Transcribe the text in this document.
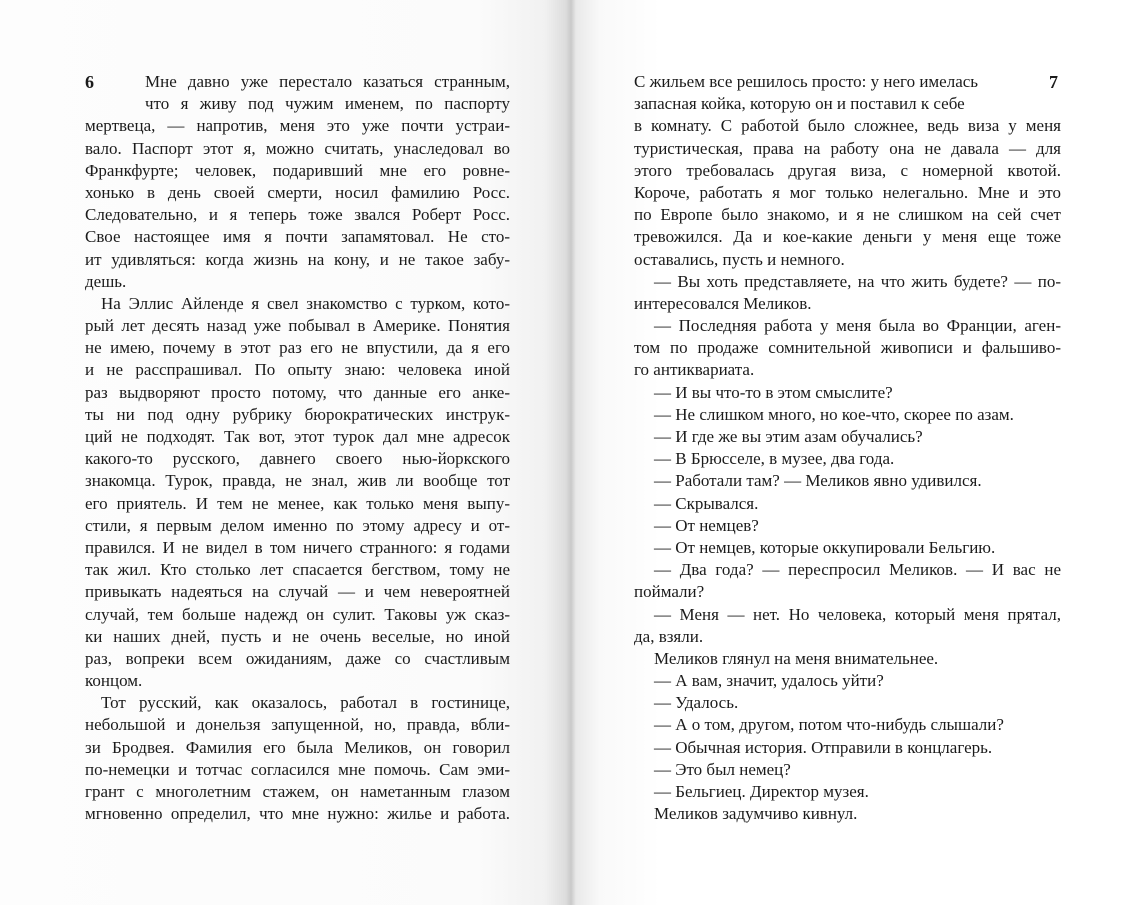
6	7
Мне давно уже перестало казаться странным,
что я живу под чужим именем, по паспорту
мертвеца, — напротив, меня это уже почти устраи-
вало. Паспорт этот я, можно считать, унаследовал во
Франкфурте; человек, подаривший мне его ровне-
хонько в день своей смерти, носил фамилию Росс.
Следовательно, и я теперь тоже звался Роберт Росс.
Свое настоящее имя я почти запамятовал. Не сто-
ит удивляться: когда жизнь на кону, и не такое забу-
дешь.
На Эллис Айленде я свел знакомство с турком, кото-
рый лет десять назад уже побывал в Америке. Понятия
не имею, почему в этот раз его не впустили, да я его
и не расспрашивал. По опыту знаю: человека иной
раз выдворяют просто потому, что данные его анке-
ты ни под одну рубрику бюрократических инструк-
ций не подходят. Так вот, этот турок дал мне адресок
какого-то русского, давнего своего нью-йоркского
знакомца. Турок, правда, не знал, жив ли вообще тот
его приятель. И тем не менее, как только меня выпу-
стили, я первым делом именно по этому адресу и от-
правился. И не видел в том ничего странного: я годами
так жил. Кто столько лет спасается бегством, тому не
привыкать надеяться на случай — и чем невероятней
случай, тем больше надежд он сулит. Таковы уж сказ-
ки наших дней, пусть и не очень веселые, но иной
раз, вопреки всем ожиданиям, даже со счастливым
концом.
Тот русский, как оказалось, работал в гостинице,
небольшой и донельзя запущенной, но, правда, вбли-
зи Бродвея. Фамилия его была Меликов, он говорил
по-немецки и тотчас согласился мне помочь. Сам эми-
грант с многолетним стажем, он наметанным глазом
мгновенно определил, что мне нужно: жилье и работа.
С жильем все решилось просто: у него имелась
запасная койка, которую он и поставил к себе
в комнату. С работой было сложнее, ведь виза у меня
туристическая, права на работу она не давала — для
этого требовалась другая виза, с номерной квотой.
Короче, работать я мог только нелегально. Мне и это
по Европе было знакомо, и я не слишком на сей счет
тревожился. Да и кое-какие деньги у меня еще тоже
оставались, пусть и немного.
— Вы хоть представляете, на что жить будете? — по-
интересовался Меликов.
— Последняя работа у меня была во Франции, аген-
том по продаже сомнительной живописи и фальшиво-
го антиквариата.
— И вы что-то в этом смыслите?
— Не слишком много, но кое-что, скорее по азам.
— И где же вы этим азам обучались?
— В Брюсселе, в музее, два года.
— Работали там? — Меликов явно удивился.
— Скрывался.
— От немцев?
— От немцев, которые оккупировали Бельгию.
— Два года? — переспросил Меликов. — И вас не
поймали?
— Меня — нет. Но человека, который меня прятал,
да, взяли.
Меликов глянул на меня внимательнее.
— А вам, значит, удалось уйти?
— Удалось.
— А о том, другом, потом что-нибудь слышали?
— Обычная история. Отправили в концлагерь.
— Это был немец?
— Бельгиец. Директор музея.
Меликов задумчиво кивнул.
